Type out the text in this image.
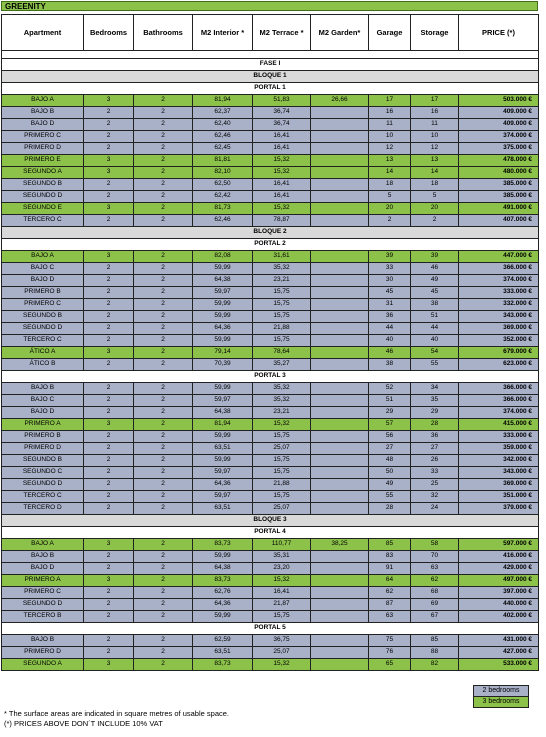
GREENITY
Apartment	Bedrooms	Bathrooms	M2 Interior *	M2 Terrace *	M2 Garden*	Garage	Storage	PRICE (*)

FASE I								
BLOQUE 1								
PORTAL 1								
BAJO A	3	2	81,94	51,83	26,66	17	17	503.000 €
BAJO B	2	2	62,37	36,74		16	16	409.000 €
BAJO D	2	2	62,40	36,74		11	11	409.000 €
PRIMERO C	2	2	62,46	16,41		10	10	374.000 €
PRIMERO D	2	2	62,45	16,41		12	12	375.000 €
PRIMERO E	3	2	81,81	15,32		13	13	478.000 €
SEGUNDO A	3	2	82,10	15,32		14	14	480.000 €
SEGUNDO B	2	2	62,50	16,41		18	18	385.000 €
SEGUNDO D	2	2	62,42	16,41		5	5	385.000 €
SEGUNDO E	3	2	81,73	15,32		20	20	491.000 €
TERCERO C	2	2	62,46	78,87		2	2	407.000 €
BLOQUE 2								
PORTAL 2								
BAJO A	3	2	82,08	31,61		39	39	447.000 €
BAJO C	2	2	59,99	35,32		33	46	366.000 €
BAJO D	2	2	64,38	23,21		30	49	374.000 €
PRIMERO B	2	2	59,97	15,75		45	45	333.000 €
PRIMERO C	2	2	59,99	15,75		31	38	332.000 €
SEGUNDO B	2	2	59,99	15,75		36	51	343.000 €
SEGUNDO D	2	2	64,36	21,88		44	44	369.000 €
TERCERO C	2	2	59,99	15,75		40	40	352.000 €
ÁTICO A	3	2	79,14	78,64		46	54	679.000 €
ÁTICO B	2	2	70,39	35,27		38	55	623.000 €
PORTAL 3								
BAJO B	2	2	59,99	35,32		52	34	366.000 €
BAJO C	2	2	59,97	35,32		51	35	366.000 €
BAJO D	2	2	64,38	23,21		29	29	374.000 €
PRIMERO A	3	2	81,94	15,32		57	28	415.000 €
PRIMERO B	2	2	59,99	15,75		56	36	333.000 €
PRIMERO D	2	2	63,51	25,07		27	27	359.000 €
SEGUNDO B	2	2	59,99	15,75		48	26	342.000 €
SEGUNDO C	2	2	59,97	15,75		50	33	343.000 €
SEGUNDO D	2	2	64,36	21,88		49	25	369.000 €
TERCERO C	2	2	59,97	15,75		55	32	351.000 €
TERCERO D	2	2	63,51	25,07		28	24	379.000 €
BLOQUE 3								
PORTAL 4								
BAJO A	3	2	83,73	110,77	38,25	85	58	597.000 €
BAJO B	2	2	59,99	35,31		83	70	416.000 €
BAJO D	2	2	64,38	23,20		91	63	429.000 €
PRIMERO A	3	2	83,73	15,32		64	62	497.000 €
PRIMERO C	2	2	62,76	16,41		62	68	397.000 €
SEGUNDO D	2	2	64,36	21,87		87	69	440.000 €
TERCERO B	2	2	59,99	15,75		63	67	402.000 €
PORTAL 5								
BAJO B	2	2	62,59	36,75		75	85	431.000 €
PRIMERO D	2	2	63,51	25,07		76	88	427.000 €
SEGUNDO A	3	2	83,73	15,32		65	82	533.000 €
2 bedrooms
3 bedrooms
* The surface areas are indicated in square metres of usable space.
(*) PRICES ABOVE DON´T INCLUDE 10% VAT
